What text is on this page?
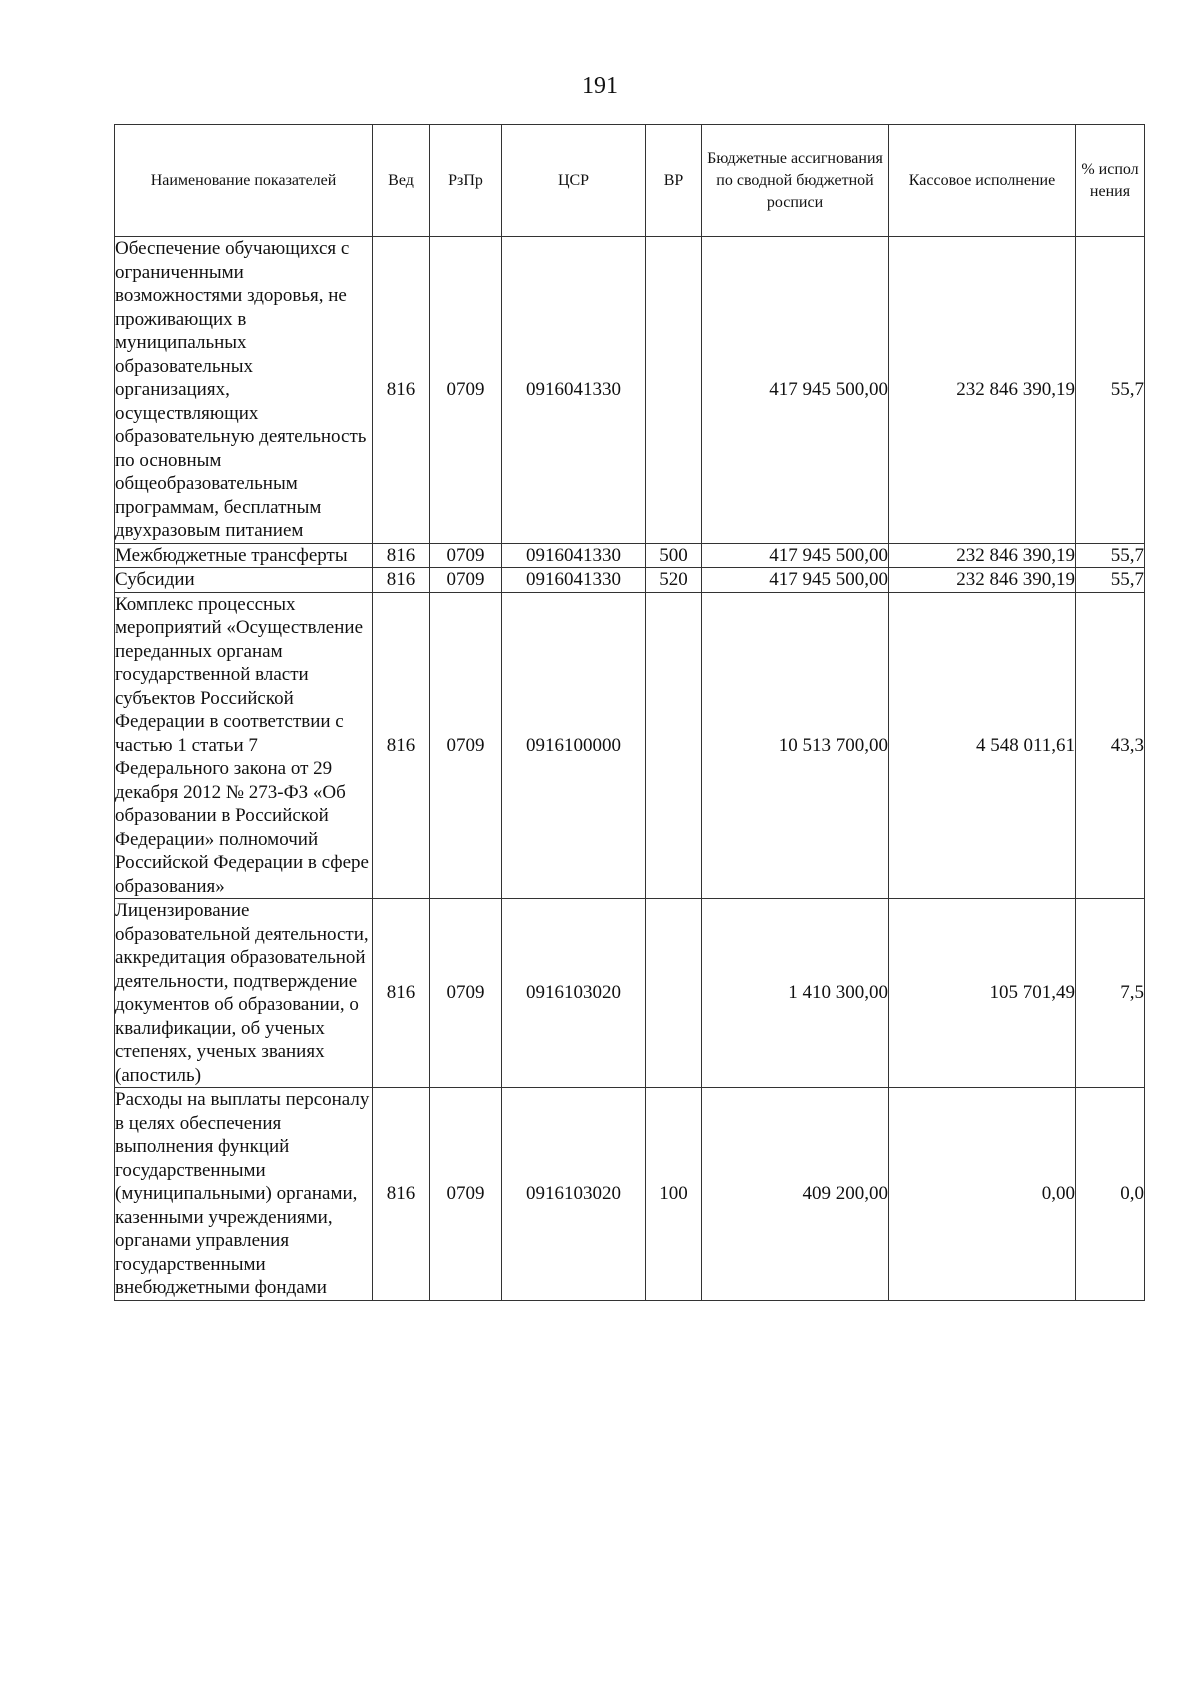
191
Наименование показателей	Вед	РзПр	ЦСР	ВР	Бюджетные ассигнования по сводной бюджетной росписи	Кассовое исполнение	% испол нения
Обеспечение обучающихся с ограниченными возможностями здоровья, не проживающих в муниципальных образовательных организациях, осуществляющих образовательную деятельность по основным общеобразовательным программам, бесплатным двухразовым питанием	816	0709	0916041330		417 945 500,00	232 846 390,19	55,7
Межбюджетные трансферты	816	0709	0916041330	500	417 945 500,00	232 846 390,19	55,7
Субсидии	816	0709	0916041330	520	417 945 500,00	232 846 390,19	55,7
Комплекс процессных мероприятий «Осуществление переданных органам государственной власти субъектов Российской Федерации в соответствии с частью 1 статьи 7 Федерального закона от 29 декабря 2012 № 273-ФЗ «Об образовании в Российской Федерации» полномочий Российской Федерации в сфере образования»	816	0709	0916100000		10 513 700,00	4 548 011,61	43,3
Лицензирование образовательной деятельности, аккредитация образовательной деятельности, подтверждение документов об образовании, о квалификации, об ученых степенях, ученых званиях (апостиль)	816	0709	0916103020		1 410 300,00	105 701,49	7,5
Расходы на выплаты персоналу в целях обеспечения выполнения функций государственными (муниципальными) органами, казенными учреждениями, органами управления государственными внебюджетными фондами	816	0709	0916103020	100	409 200,00	0,00	0,0
